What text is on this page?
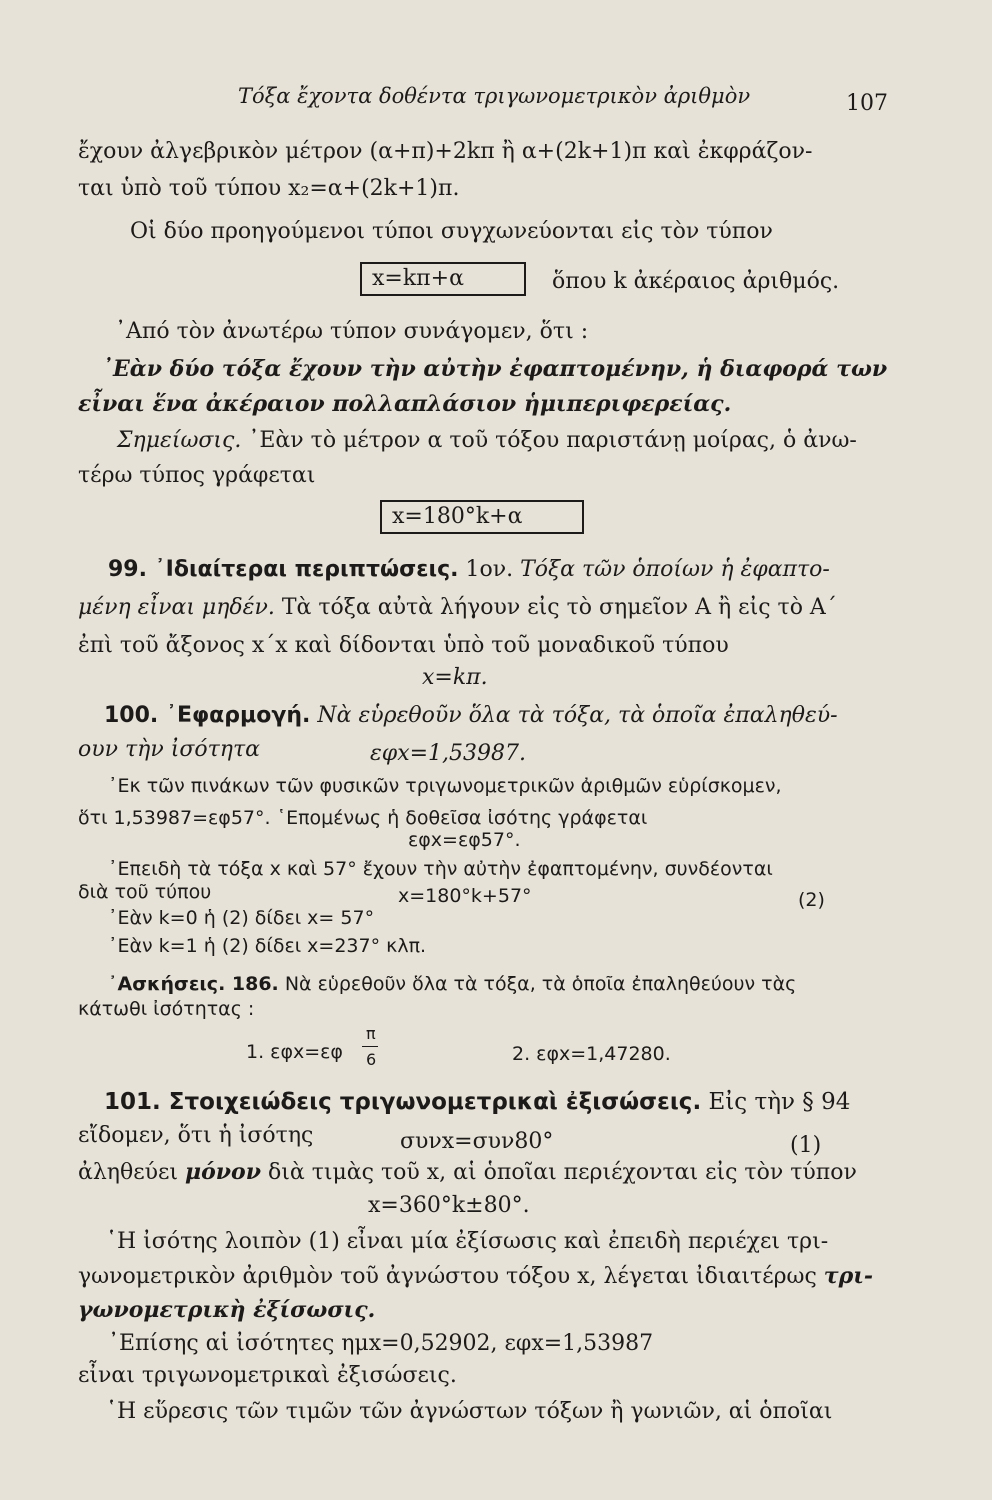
Τόξα ἔχοντα δοθέντα τριγωνομετρικὸν ἀριθμὸν	107
ἔχουν ἀλγεβρικὸν μέτρον (α+π)+2kπ ἢ α+(2k+1)π καὶ ἐκφράζον-
ται ὑπὸ τοῦ τύπου x₂=α+(2k+1)π.
Οἱ δύο προηγούμενοι τύποι συγχωνεύονται εἰς τὸν τύπον
x=kπ+α	ὅπου k ἀκέραιος ἀριθμός.
᾿Από τὸν ἀνωτέρω τύπον συνάγομεν, ὅτι :
᾿Εὰν δύο τόξα ἔχουν τὴν αὐτὴν ἐφαπτομένην, ἡ διαφορά των
εἶναι ἕνα ἀκέραιον πολλαπλάσιον ἡμιπεριφερείας.
Σημείωσις. ᾿Εὰν τὸ μέτρον α τοῦ τόξου παριστάνῃ μοίρας, ὁ ἀνω-
τέρω τύπος γράφεται
x=180°k+α
99. ᾿Ιδιαίτεραι περιπτώσεις. 1ον. Τόξα τῶν ὁποίων ἡ ἐφαπτο-
μένη εἶναι μηδέν. Τὰ τόξα αὐτὰ λήγουν εἰς τὸ σημεῖον Α ἢ εἰς τὸ Α΄
ἐπὶ τοῦ ἄξονος x΄x καὶ δίδονται ὑπὸ τοῦ μοναδικοῦ τύπου
x=kπ.
100. ᾿Εφαρμογή. Νὰ εὑρεθοῦν ὅλα τὰ τόξα, τὰ ὁποῖα ἐπαληθεύ-
ουν τὴν ἰσότητα	εφx=1,53987.
᾿Εκ τῶν πινάκων τῶν φυσικῶν τριγωνομετρικῶν ἀριθμῶν εὑρίσκομεν,
ὅτι 1,53987=εφ57°. ῾Επομένως ἡ δοθεῖσα ἰσότης γράφεται
εφx=εφ57°.
᾿Επειδὴ τὰ τόξα x καὶ 57° ἔχουν τὴν αὐτὴν ἐφαπτομένην, συνδέονται
διὰ τοῦ τύπου	x=180°k+57°	(2)
᾿Εὰν k=0 ἡ (2) δίδει x= 57°
᾿Εὰν k=1 ἡ (2) δίδει x=237° κλπ.
᾿Ασκήσεις. 186. Νὰ εὑρεθοῦν ὅλα τὰ τόξα, τὰ ὁποῖα ἐπαληθεύουν τὰς
κάτωθι ἰσότητας :
1. εφx=εφ
π
6	2. εφx=1,47280.
101. Στοιχειώδεις τριγωνομετρικαὶ ἐξισώσεις. Εἰς τὴν § 94
εἴδομεν, ὅτι ἡ ἰσότης	συνx=συν80°	(1)
ἀληθεύει μόνον διὰ τιμὰς τοῦ x, αἱ ὁποῖαι περιέχονται εἰς τὸν τύπον
x=360°k±80°.
῾Η ἰσότης λοιπὸν (1) εἶναι μία ἐξίσωσις καὶ ἐπειδὴ περιέχει τρι-
γωνομετρικὸν ἀριθμὸν τοῦ ἀγνώστου τόξου x, λέγεται ἰδιαιτέρως τρι-
γωνομετρικὴ ἐξίσωσις.
᾿Επίσης αἱ ἰσότητες ημx=0,52902, εφx=1,53987
εἶναι τριγωνομετρικαὶ ἐξισώσεις.
῾Η εὕρεσις τῶν τιμῶν τῶν ἀγνώστων τόξων ἢ γωνιῶν, αἱ ὁποῖαι
